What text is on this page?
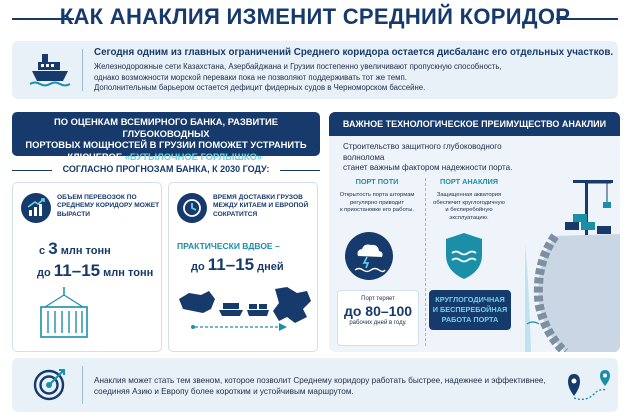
КАК АНАКЛИЯ ИЗМЕНИТ СРЕДНИЙ КОРИДОР
Сегодня одним из главных ограничений Среднего коридора остается дисбаланс его отдельных участков.
Железнодорожные сети Казахстана, Азербайджана и Грузии постепенно увеличивают пропускную способность,
однако возможности морской переваки пока не позволяют поддерживать тот же темп.
Дополнительным барьером остается дефицит фидерных судов в Черноморском бассейне.
ПО ОЦЕНКАМ ВСЕМИРНОГО БАНКА, РАЗВИТИЕ ГЛУБОКОВОДНЫХ
ПОРТОВЫХ МОЩНОСТЕЙ В ГРУЗИИ ПОМОЖЕТ УСТРАНИТЬ
КЛЮЧЕВОЕ «БУТЫЛОЧНОЕ ГОРЛЫШКО».
СОГЛАСНО ПРОГНОЗАМ БАНКА, К 2030 ГОДУ:
ОБЪЕМ ПЕРЕВОЗОК ПО СРЕДНЕМУ КОРИДОРУ МОЖЕТ ВЫРАСТИ
с 3 млн тонн
до 11–15 млн тонн
ВРЕМЯ ДОСТАВКИ ГРУЗОВ МЕЖДУ КИТАЕМ И ЕВРОПОЙ СОКРАТИТСЯ
ПРАКТИЧЕСКИ ВДВОЕ –
до 11–15 дней
ВАЖНОЕ ТЕХНОЛОГИЧЕСКОЕ ПРЕИМУЩЕСТВО АНАКЛИИ
Строительство защитного глубоководного волнолома
станет важным фактором надежности порта.
ПОРТ ПОТИ
Открытость порта штормам
регулярно приводит
к приостановке его работы.
ПОРТ АНАКЛИЯ
Защищенная акватория
обеспечит круглогодичную
и бесперебойную эксплуатацию.
Порт теряет
до 80–100
рабочих дней в году.
КРУГЛОГОДИЧНАЯ
И БЕСПЕРЕБОЙНАЯ
РАБОТА ПОРТА
Анаклия может стать тем звеном, которое позволит Среднему коридору работать быстрее, надежнее и эффективнее,
соединяя Азию и Европу более коротким и устойчивым маршрутом.
